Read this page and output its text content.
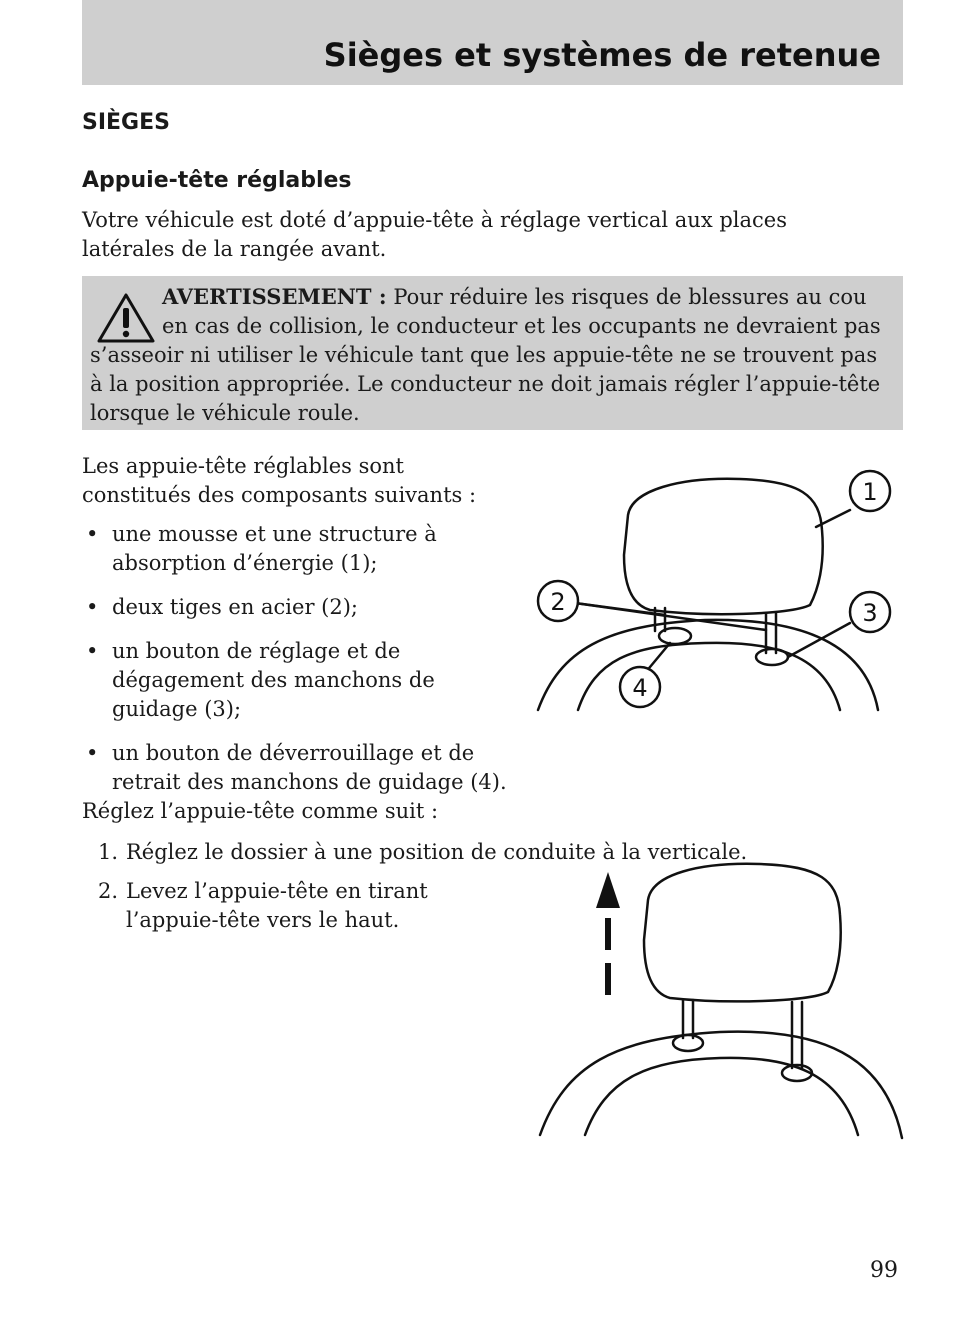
Sièges et systèmes de retenue
SIÈGES
Appuie-tête réglables
Votre véhicule est doté d’appuie-tête à réglage vertical aux places latérales de la rangée avant.
AVERTISSEMENT : Pour réduire les risques de blessures au cou en cas de collision, le conducteur et les occupants ne devraient pas s’asseoir ni utiliser le véhicule tant que les appuie-tête ne se trouvent pas à la position appropriée. Le conducteur ne doit jamais régler l’appuie-tête lorsque le véhicule roule.
Les appuie-tête réglables sont constitués des composants suivants :
• une mousse et une structure à absorption d’énergie (1);
• deux tiges en acier (2);
• un bouton de réglage et de dégagement des manchons de guidage (3);
• un bouton de déverrouillage et de retrait des manchons de guidage (4).
1
2	3
4
Réglez l’appuie-tête comme suit :
1. Réglez le dossier à une position de conduite à la verticale.
2. Levez l’appuie-tête en tirant l’appuie-tête vers le haut.
99
